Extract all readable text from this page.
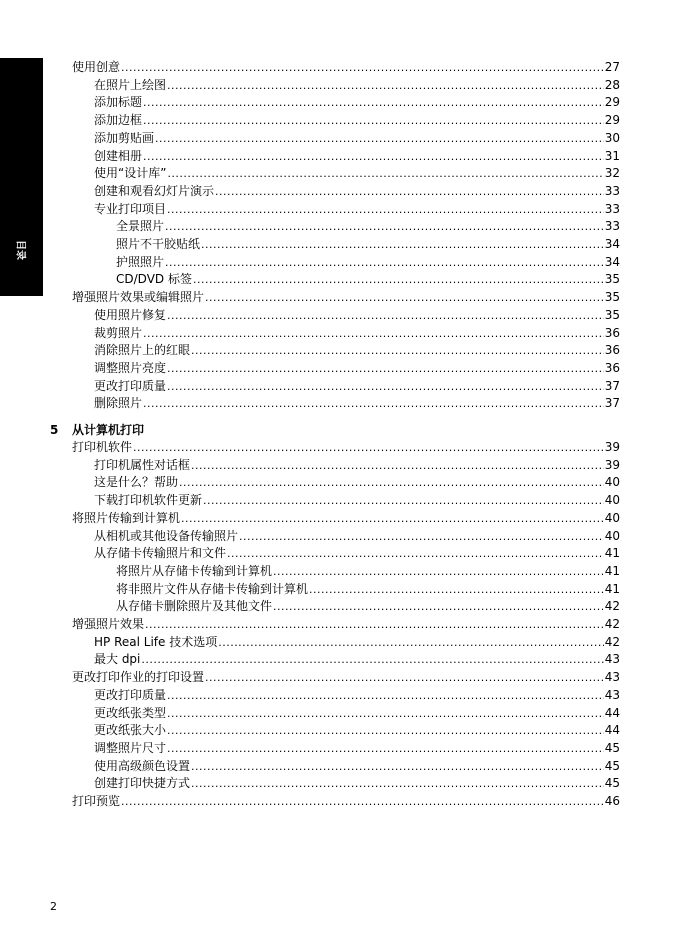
目录
使用创意 .....	27
在照片上绘图 .....	28
添加标题 .....	29
添加边框 .....	29
添加剪贴画 .....	30
创建相册 .....	31
使用“设计库” .....	32
创建和观看幻灯片演示 .....	33
专业打印项目 .....	33
全景照片 .....	33
照片不干胶贴纸 .....	34
护照照片 .....	34
CD/DVD 标签 .....	35
增强照片效果或编辑照片 .....	35
使用照片修复 .....	35
裁剪照片 .....	36
消除照片上的红眼 .....	36
调整照片亮度 .....	36
更改打印质量 .....	37
删除照片 .....	37
打印机软件 .....	39
打印机属性对话框 .....	39
这是什么？帮助 .....	40
下载打印机软件更新 .....	40
将照片传输到计算机 .....	40
从相机或其他设备传输照片 .....	40
从存储卡传输照片和文件 .....	41
将照片从存储卡传输到计算机 .....	41
将非照片文件从存储卡传输到计算机 .....	41
从存储卡删除照片及其他文件 .....	42
增强照片效果 .....	42
HP Real Life 技术选项 .....	42
最大 dpi .....	43
更改打印作业的打印设置 .....	43
更改打印质量 .....	43
更改纸张类型 .....	44
更改纸张大小 .....	44
调整照片尺寸 .....	45
使用高级颜色设置 .....	45
创建打印快捷方式 .....	45
打印预览 .....	46
5 从计算机打印
2
